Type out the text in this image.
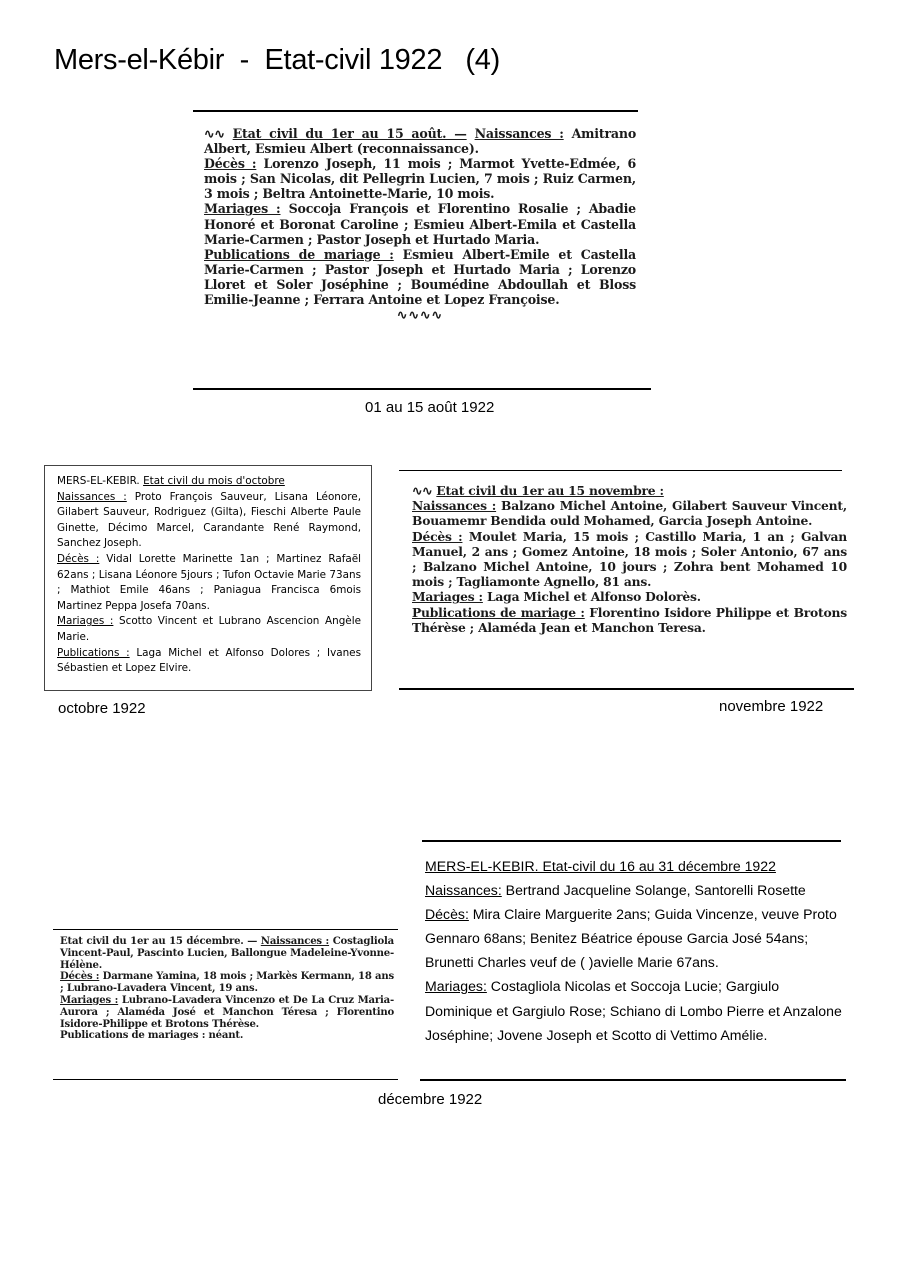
Mers-el-Kébir  -  Etat-civil 1922   (4)

∿∿ Etat civil du 1er au 15 août. — Naissances : Amitrano Albert, Esmieu Albert (reconnaissance).

Décès : Lorenzo Joseph, 11 mois ; Marmot Yvette-Edmée, 6 mois ; San Nicolas, dit Pellegrin Lucien, 7 mois ; Ruiz Carmen, 3 mois ; Beltra Antoinette-Marie, 10 mois.

Mariages : Soccoja François et Florentino Rosalie ; Abadie Honoré et Boronat Caroline ; Esmieu Albert-Emila et Castella Marie-Carmen ; Pastor Joseph et Hurtado Maria.

Publications de mariage : Esmieu Albert-Emile et Castella Marie-Carmen ; Pastor Joseph et Hurtado Maria ; Lorenzo Lloret et Soler Joséphine ; Boumédine Abdoullah et Bloss Emilie-Jeanne ; Ferrara Antoine et Lopez Françoise.

∿∿∿∿
01 au 15 août 1922

MERS-EL-KEBIR. Etat civil du mois d'octobre

Naissances : Proto François Sauveur, Lisana Léonore, Gilabert Sauveur, Rodriguez (Gilta), Fieschi Alberte Paule Ginette, Décimo Marcel, Carandante René Raymond, Sanchez Joseph.

Décès : Vidal Lorette Marinette 1an ; Martinez Rafaël 62ans ; Lisana Léonore 5jours ; Tufon Octavie Marie 73ans ; Mathiot Emile 46ans ; Paniagua Francisca 6mois Martinez Peppa Josefa 70ans.

Mariages : Scotto Vincent et Lubrano Ascencion Angèle Marie.

Publications : Laga Michel et Alfonso Dolores ; Ivanes Sébastien et Lopez Elvire.

octobre 1922

∿∿ Etat civil du 1er au 15 novembre :

Naissances : Balzano Michel Antoine, Gilabert Sauveur Vincent, Bouamemr Bendida ould Mohamed, Garcia Joseph Antoine.

Décès : Moulet Maria, 15 mois ; Castillo Maria, 1 an ; Galvan Manuel, 2 ans ; Gomez Antoine, 18 mois ; Soler Antonio, 67 ans ; Balzano Michel Antoine, 10 jours ; Zohra bent Mohamed 10 mois ; Tagliamonte Agnello, 81 ans.

Mariages : Laga Michel et Alfonso Dolorès.

Publications de mariage : Florentino Isidore Philippe et Brotons Thérèse ; Alaméda Jean et Manchon Teresa.

novembre 1922

Etat civil du 1er au 15 décembre. — Naissances : Costagliola Vincent-Paul, Pascinto Lucien, Ballongue Madeleine-Yvonne-Hélène.

Décès : Darmane Yamina, 18 mois ; Markès Kermann, 18 ans ; Lubrano-Lavadera Vincent, 19 ans.

Mariages : Lubrano-Lavadera Vincenzo et De La Cruz Maria-Aurora ; Alaméda José et Manchon Téresa ; Florentino Isidore-Philippe et Brotons Thérèse.

Publications de mariages : néant.

MERS-EL-KEBIR. Etat-civil du 16 au 31 décembre 1922

Naissances: Bertrand Jacqueline Solange, Santorelli Rosette

Décès: Mira Claire Marguerite 2ans; Guida Vincenze, veuve Proto Gennaro 68ans; Benitez Béatrice épouse Garcia José 54ans; Brunetti Charles veuf de ( )avielle Marie 67ans.

Mariages: Costagliola Nicolas et Soccoja Lucie; Gargiulo Dominique et Gargiulo Rose; Schiano di Lombo Pierre et Anzalone Joséphine; Jovene Joseph et Scotto di Vettimo Amélie.

décembre 1922
